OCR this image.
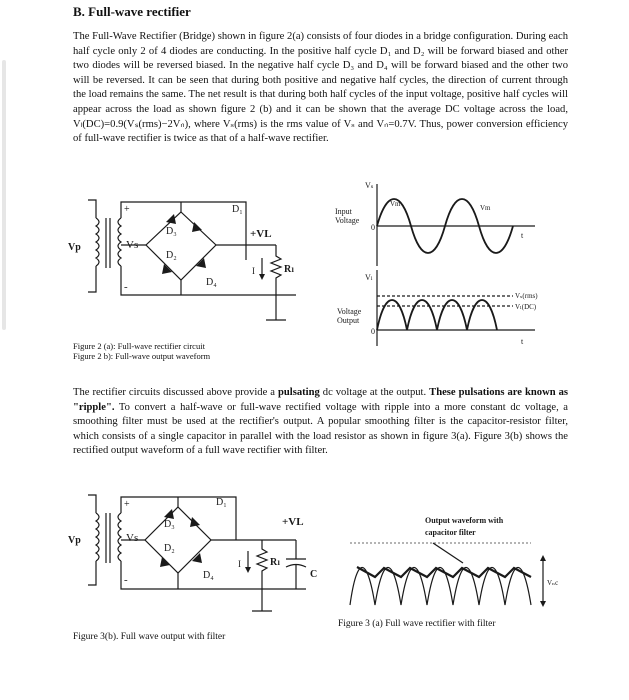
B. Full-wave rectifier

The Full-Wave Rectifier (Bridge) shown in figure 2(a) consists of four diodes in a bridge configuration. During each half cycle only 2 of 4 diodes are conducting. In the positive half cycle D₁ and D₂ will be forward biased and other two diodes will be reversed biased. In the negative half cycle D₃ and D₄ will be forward biased and the other two will be reversed. It can be seen that during both positive and negative half cycles, the direction of current through the load remains the same. The net result is that during both half cycles of the input voltage, positive half cycles will appear across the load as shown figure 2 (b) and it can be shown that the average DC voltage across the load, Vₗ(DC)=0.9(Vₛ(rms)−2Vₙ), where Vₛ(rms) is the rms value of Vₛ and Vₙ=0.7V. Thus, power conversion efficiency of full-wave rectifier is twice as that of a half-wave rectifier.

Vp	Vs
+
-
D₁
D₃
D₂
D₄
+VL
Rₗ
I
Vₛ
Input
Voltage
0
t
Vm	Vm
Vₗ
Voltage
Output
0
t
Vₛ(rms)
Vₗ(DC)
Figure 2 (a): Full-wave rectifier circuit
Figure 2 b): Full-wave output waveform

The rectifier circuits discussed above provide a pulsating dc voltage at the output. These pulsations are known as "ripple". To convert a half-wave or full-wave rectified voltage with ripple into a more constant dc voltage, a smoothing filter must be used at the rectifier's output. A popular smoothing filter is the capacitor-resistor filter, which consists of a single capacitor in parallel with the load resistor as shown in figure 3(a). Figure 3(b) shows the rectified output waveform of a full wave rectifier with filter.

Vp	Vs
+
-
D₁
D₃
D₂
D₄
+VL
Rₗ
C
I
Output waveform with
capacitor filter
Vₙc
Figure 3(b). Full wave output with filter
Figure 3 (a) Full wave rectifier with filter
